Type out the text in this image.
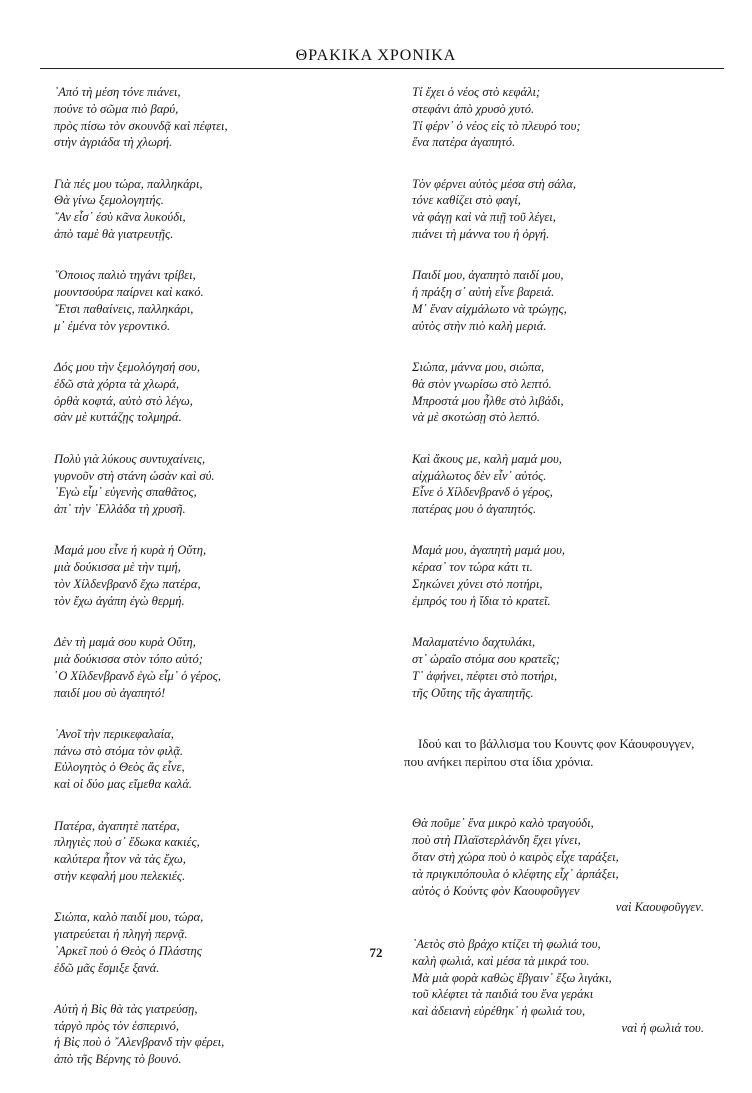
ΘΡΑΚΙΚΑ ΧΡΟΝΙΚΑ
᾽Από τὴ μέση τόνε πιάνει,
πούνε τὸ σῶμα πιὸ βαρύ,
πρὸς πίσω τὸν σκουνδᾷ καὶ πέφτει,
στὴν ἀγριάδα τὴ χλωρή.
Γιὰ πές μου τώρα, παλληκάρι,
Θὰ γίνω ξεμολογητής.
῎Αν εἶσ᾽ ἐσὺ κᾶνα λυκούδι,
ἀπὸ ταμὲ θὰ γιατρευτῇς.
῞Οποιος παλιὸ τηγάνι τρίβει,
μουντσούρα παίρνει καὶ κακό.
῎Ετσι παθαίνεις, παλληκάρι,
μ᾽ ἐμένα τὸν γεροντικό.
Δός μου τὴν ξεμολόγησή σου,
ἐδῶ στὰ χόρτα τὰ χλωρά,
ὀρθὰ κοφτά, αὐτὸ στὸ λέγω,
σὰν μὲ κυττάζῃς τολμηρά.
Πολὺ γιὰ λύκους συντυχαίνεις,
γυρνοῦν στὴ στάνη ὡσὰν καὶ σύ.
᾽Εγὼ εἶμ᾽ εὐγενὴς σπαθᾶτος,
ἀπ᾽ τὴν ᾽Ελλάδα τὴ χρυσῆ.
Μαμά μου εἶνε ἡ κυρὰ ἡ Οὔτη,
μιὰ δούκισσα μὲ τὴν τιμή,
τὸν Χίλδενβρανδ ἔχω πατέρα,
τὸν ἔχω ἀγάπη ἐγὼ θερμή.
Δὲν τὴ μαμά σου κυρὰ Οὔτη,
μιὰ δούκισσα στὸν τόπο αὐτό;
῾Ο Χίλδενβρανδ ἐγὼ εἶμ᾽ ὁ γέρος,
παιδί μου σὺ ἀγαπητό!
᾽Ανοῖ τὴν περικεφαλαία,
πάνω στὸ στόμα τὸν φιλᾷ.
Εὐλογητὸς ὁ Θεὸς ἄς εἶνε,
καὶ οἱ δύο μας εἴμεθα καλά.
Πατέρα, ἀγαπητὲ πατέρα,
πληγιὲς ποὺ σ᾽ ἔδωκα κακιές,
καλύτερα ἦτον νὰ τὰς ἔχω,
στὴν κεφαλή μου πελεκιές.
Σιώπα, καλὸ παιδί μου, τώρα,
γιατρεύεται ἡ πληγὴ περνᾷ.
᾽Αρκεῖ ποὺ ὁ Θεὸς ὁ Πλάστης
ἐδῶ μᾶς ἔσμιξε ξανά.
Αὐτὴ ἡ Βὶς θὰ τὰς γιατρεύσῃ,
τάργὸ πρὸς τὸν ἑσπερινό,
ἡ Βὶς ποὺ ὁ ῎Αλενβρανδ τὴν φέρει,
ἀπὸ τῆς Βέρνης τὸ βουνό.
Τί ἔχει ὁ νέος στὸ κεφάλι;
στεφάνι ἀπὸ χρυσὸ χυτό.
Τί φέρν᾽ ὁ νέος εἰς τὸ πλευρό του;
ἕνα πατέρα ἀγαπητό.
Τὸν φέρνει αὐτὸς μέσα στὴ σάλα,
τόνε καθίζει στὸ φαγί,
νὰ φάγῃ καὶ νὰ πιῇ τοῦ λέγει,
πιάνει τὴ μάννα του ἡ ὀργή.
Παιδί μου, ἀγαπητὸ παιδί μου,
ἡ πράξη σ᾽ αὐτὴ εἶνε βαρειά.
Μ᾽ ἕναν αἰχμάλωτο νὰ τρώγῃς,
αὐτὸς στὴν πιὸ καλὴ μεριά.
Σιώπα, μάννα μου, σιώπα,
θὰ στὸν γνωρίσω στὸ λεπτό.
Μπροστά μου ἦλθε στὸ λιβάδι,
νὰ μὲ σκοτώσῃ στὸ λεπτό.
Καὶ ἄκους με, καλὴ μαμά μου,
αἰχμάλωτος δὲν εἶν᾽ αὐτός.
Εἶνε ὁ Χίλδενβρανδ ὁ γέρος,
πατέρας μου ὁ ἀγαπητός.
Μαμά μου, ἀγαπητὴ μαμά μου,
κέρασ᾽ τον τώρα κάτι τι.
Σηκώνει χύνει στὸ ποτήρι,
ἐμπρός του ἡ ἴδια τὸ κρατεῖ.
Μαλαματένιο δαχτυλάκι,
στ᾽ ὡραῖο στόμα σου κρατεῖς;
Τ᾽ ἀφήνει, πέφτει στὸ ποτήρι,
τῆς Οὔτης τῆς ἀγαπητῆς.

Ιδού και το βάλλισμα του Κουντς φον Κάουφουγγεν, που ανήκει περίπου στα ίδια χρόνια.

Θὰ ποῦμε᾽ ἕνα μικρὸ καλὸ τραγούδι,
ποὺ στὴ Πλαϊστερλάνδη ἔχει γίνει,
ὅταν στὴ χώρα ποὺ ὁ καιρὸς εἶχε ταράξει,
τὰ πριγκιπόπουλα ὁ κλέφτης εἶχ᾽ ἁρπάξει,
αὐτὸς ὁ Κούντς φὸν Καουφοῦγγεν
ναὶ Καουφοῦγγεν.
᾽Αετὸς στὸ βράχο κτίζει τὴ φωλιά του,
καλὴ φωλιά, καὶ μέσα τὰ μικρά του.
Μὰ μιὰ φορὰ καθὼς ἔβγαιν᾽ ἔξω λιγάκι,
τοῦ κλέφτει τὰ παιδιά του ἕνα γεράκι
καὶ ἀδειανὴ εὑρέθηκ᾽ ἡ φωλιά του,
ναὶ ἡ φωλιά του.
72
